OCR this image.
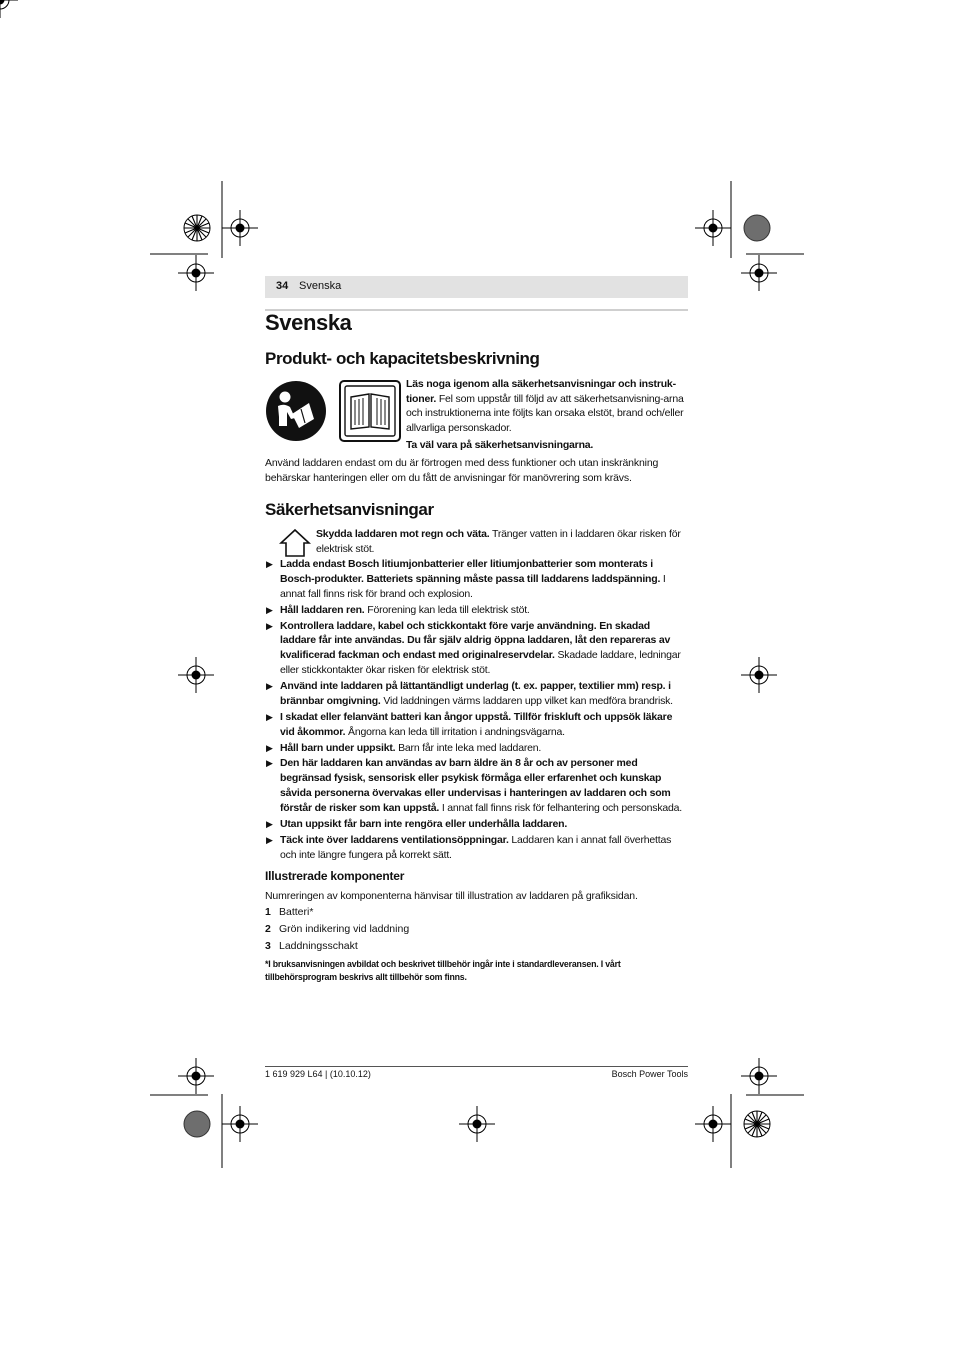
34 Svenska
Svenska
Produkt- och kapacitetsbeskrivning

Läs noga igenom alla säkerhetsanvisningar och instruk-tioner. Fel som uppstår till följd av att säkerhetsanvisning-arna och instruktionerna inte följts kan orsaka elstöt, brand och/eller allvarliga personskador.

Ta väl vara på säkerhetsanvisningarna.

Använd laddaren endast om du är förtrogen med dess funktioner och utan inskränkning behärskar hanteringen eller om du fått de anvisningar för manövrering som krävs.
Säkerhetsanvisningar
Skydda laddaren mot regn och väta. Tränger vatten in i laddaren ökar risken för elektrisk stöt.
▶ Ladda endast Bosch litiumjonbatterier eller litiumjonbatterier som monterats i Bosch-produkter. Batteriets spänning måste passa till laddarens laddspänning. I annat fall finns risk för brand och explosion.
▶ Håll laddaren ren. Förorening kan leda till elektrisk stöt.
▶ Kontrollera laddare, kabel och stickkontakt före varje användning. En skadad laddare får inte användas. Du får själv aldrig öppna laddaren, låt den repareras av kvalificerad fackman och endast med originalreservdelar. Skadade laddare, ledningar eller stickkontakter ökar risken för elektrisk stöt.
▶ Använd inte laddaren på lättantändligt underlag (t. ex. papper, textilier mm) resp. i brännbar omgivning. Vid laddningen värms laddaren upp vilket kan medföra brandrisk.
▶ I skadat eller felanvänt batteri kan ångor uppstå. Tillför friskluft och uppsök läkare vid åkommor. Ångorna kan leda till irritation i andningsvägarna.
▶ Håll barn under uppsikt. Barn får inte leka med laddaren.
▶ Den här laddaren kan användas av barn äldre än 8 år och av personer med begränsad fysisk, sensorisk eller psykisk förmåga eller erfarenhet och kunskap såvida personerna övervakas eller undervisas i hanteringen av laddaren och som förstår de risker som kan uppstå. I annat fall finns risk för felhantering och personskada.
▶ Utan uppsikt får barn inte rengöra eller underhålla laddaren.
▶ Täck inte över laddarens ventilationsöppningar. Laddaren kan i annat fall överhettas och inte längre fungera på korrekt sätt.
Illustrerade komponenter
Numreringen av komponenterna hänvisar till illustration av laddaren på grafiksidan.
1 Batteri*
2 Grön indikering vid laddning
3 Laddningsschakt
*I bruksanvisningen avbildat och beskrivet tillbehör ingår inte i standardleveransen. I vårt tillbehörsprogram beskrivs allt tillbehör som finns.
1 619 929 L64 | (10.10.12)	Bosch Power Tools
